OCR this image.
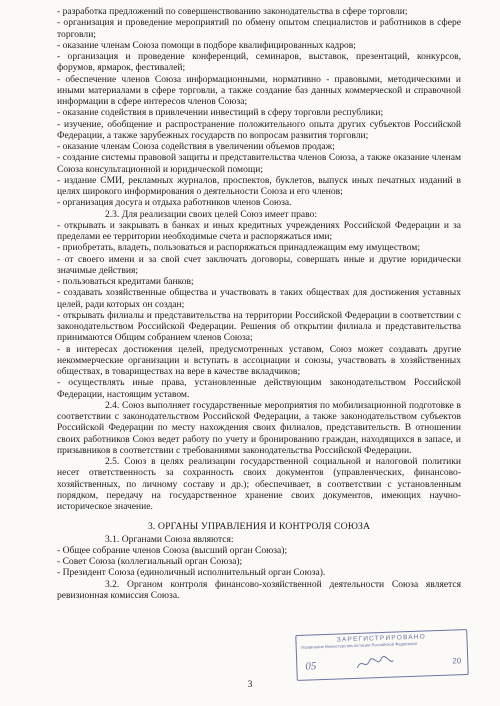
- разработка предложений по совершенствованию законодательства в сфере торговли;

- организация и проведение мероприятий по обмену опытом специалистов и работников в сфере торговли;

- оказание членам Союза помощи в подборе квалифицированных кадров;

- организация и проведение конференций, семинаров, выставок, презентаций, конкурсов, форумов, ярмарок, фестивалей;

- обеспечение членов Союза информационными, нормативно - правовыми, методическими и иными материалами в сфере торговли, а также создание баз данных коммерческой и справочной информации в сфере интересов членов Союза;

- оказание содействия в привлечении инвестиций в сферу торговли республики;

- изучение, обобщение и распространение положительного опыта других субъектов Российской Федерации, а также зарубежных государств по вопросам развития торговли;

- оказание членам Союза содействия в увеличении объемов продаж;

- создание системы правовой защиты и представительства членов Союза, а также оказание членам Союза консультационной и юридической помощи;

- издание СМИ, рекламных журналов, проспектов, буклетов, выпуск иных печатных изданий в целях широкого информирования о деятельности Союза и его членов;

- организация досуга и отдыха работников членов Союза.

2.3. Для реализации своих целей Союз имеет право:

- открывать и закрывать в банках и иных кредитных учреждениях Российской Федерации и за пределами ее территории необходимые счета и распоряжаться ими;

- приобретать, владеть, пользоваться и распоряжаться принадлежащим ему имуществом;

- от своего имени и за свой счет заключать договоры, совершать иные и другие юридически значимые действия;

- пользоваться кредитами банков;

- создавать хозяйственные общества и участвовать в таких обществах для достижения уставных целей, ради которых он создан;

- открывать филиалы и представительства на территории Российской Федерации в соответствии с законодательством Российской Федерации. Решения об открытии филиала и представительства принимаются Общим собранием членов Союза;

- в интересах достижения целей, предусмотренных уставом, Союз может создавать другие некоммерческие организации и вступать в ассоциации и союзы, участвовать в хозяйственных обществах, в товариществах на вере в качестве вкладчиков;

- осуществлять иные права, установленные действующим законодательством Российской Федерации, настоящим уставом.

2.4. Союз выполняет государственные мероприятия по мобилизационной подготовке в соответствии с законодательством Российской Федерации, а также законодательством субъектов Российской Федерации по месту нахождения своих филиалов, представительств. В отношении своих работников Союз ведет работу по учету и бронированию граждан, находящихся в запасе, и призывников в соответствии с требованиями законодательства Российской Федерации.

2.5. Союз в целях реализации государственной социальной и налоговой политики несет ответственность за сохранность своих документов (управленческих, финансово-хозяйственных, по личному составу и др.); обеспечивает, в соответствии с установленным порядком, передачу на государственное хранение своих документов, имеющих научно-историческое значение.

3. ОРГАНЫ УПРАВЛЕНИЯ И КОНТРОЛЯ СОЮЗА

3.1. Органами Союза являются:

- Общее собрание членов Союза (высший орган Союза);

- Совет Союза (коллегиальный орган Союза);

- Президент Союза (единоличный исполнительный орган Союза).

3.2. Органом контроля финансово-хозяйственной деятельности Союза является ревизионная комиссия Союза.

ЗАРЕГИСТРИРОВАНО
Управление Министерства юстиции Российской Федерации
05	20
3
